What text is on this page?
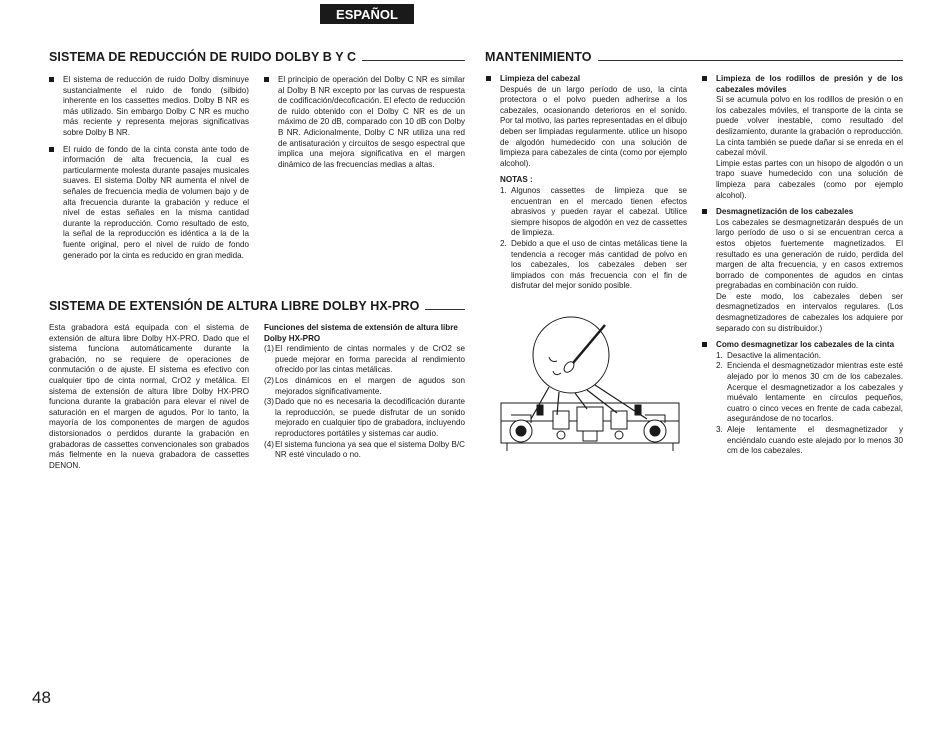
ESPAÑOL
SISTEMA DE REDUCCIÓN DE RUIDO DOLBY B Y C

El sistema de reducción de ruido Dolby disminuye sustancialmente el ruido de fondo (silbido) inherente en los cassettes medios. Dolby B NR es más utilizado. Sin embargo Dolby C NR es mucho más reciente y representa mejoras significativas sobre Dolby B NR.

El ruido de fondo de la cinta consta ante todo de información de alta frecuencia, la cual es particularmente molesta durante pasajes musicales suaves. El sistema Dolby NR aumenta el nivel de señales de frecuencia media de volumen bajo y de alta frecuencia durante la grabación y reduce el nivel de estas señales en la misma cantidad durante la reproducción. Como resultado de esto, la señal de la reproducción es idéntica a la de la fuente original, pero el nivel de ruido de fondo generado por la cinta es reducido en gran medida.

El principio de operación del Dolby C NR es similar al Dolby B NR excepto por las curvas de respuesta de codificación/decoficación. El efecto de reducción de ruido obtenido con el Dolby C NR es de un máximo de 20 dB, comparado con 10 dB con Dolby B NR. Adicionalmente, Dolby C NR utiliza una red de antisaturación y circuitos de sesgo espectral que implica una mejora significativa en el margen dinámico de las frecuencias medias a altas.

SISTEMA DE EXTENSIÓN DE ALTURA LIBRE DOLBY HX-PRO

Esta grabadora está equipada con el sistema de extensión de altura libre Dolby HX-PRO. Dado que el sistema funciona automáticamente durante la grabación, no se requiere de operaciones de conmutación o de ajuste. El sistema es efectivo con cualquier tipo de cinta normal, CrO2 y metálica. El sistema de extensión de altura libre Dolby HX-PRO funciona durante la grabación para elevar el nivel de saturación en el margen de agudos. Por lo tanto, la mayoría de los componentes de margen de agudos distorsionados o perdidos durante la grabación en grabadoras de cassettes convencionales son grabados más fielmente en la nueva grabadora de cassettes DENON.

Funciones del sistema de extensión de altura libre Dolby HX-PRO

(1) El rendimiento de cintas normales y de CrO2 se puede mejorar en forma parecida al rendimiento ofrecido por las cintas metálicas.
(2) Los dinámicos en el margen de agudos son mejorados significativamente.
(3) Dado que no es necesaria la decodificación durante la reproducción, se puede disfrutar de un sonido mejorado en cualquier tipo de grabadora, incluyendo reproductores portátiles y sistemas car audio.
(4) El sistema funciona ya sea que el sistema Dolby B/C NR esté vinculado o no.
MANTENIMIENTO
Limpieza del cabezal

Después de un largo período de uso, la cinta protectora o el polvo pueden adherirse a los cabezales, ocasionando deterioros en el sonido. Por tal motivo, las partes representadas en el dibujo deben ser limpiadas regularmente. utilice un hisopo de algodón humedecido con una solución de limpieza para cabezales de cinta (como por ejemplo alcohol).

NOTAS :

1. Algunos cassettes de limpieza que se encuentran en el mercado tienen efectos abrasivos y pueden rayar el cabezal. Utilice siempre hisopos de algodón en vez de cassettes de limpieza.
2. Debido a que el uso de cintas metálicas tiene la tendencia a recoger más cantidad de polvo en los cabezales, los cabezales deben ser limpiados con más frecuencia con el fin de disfrutar del mejor sonido posible.
Limpieza de los rodillos de presión y de los cabezales móviles

Si se acumula polvo en los rodillos de presión o en los cabezales móviles, el transporte de la cinta se puede volver inestable, como resultado del deslizamiento, durante la grabación o reproducción. La cinta también se puede dañar si se enreda en el cabezal móvil.

Limpie estas partes con un hisopo de algodón o un trapo suave humedecido con una solución de limpieza para cabezales (como por ejemplo alcohol).

Desmagnetización de los cabezales

Los cabezales se desmagnetizarán después de un largo período de uso o si se encuentran cerca a estos objetos fuertemente magnetizados. El resultado es una generación de ruido, perdida del margen de alta frecuencia, y en casos extremos borrado de componentes de agudos en cintas pregrabadas en combinación con ruido.

De este modo, los cabezales deben ser desmagnetizados en intervalos regulares. (Los desmagnetizadores de cabezales los adquiere por separado con su distribuidor.)

Como desmagnetizar los cabezales de la cinta
1. Desactive la alimentación.
2. Encienda el desmagnetizador mientras este esté alejado por lo menos 30 cm de los cabezales. Acerque el desmagnetizador a los cabezales y muévalo lentamente en círculos pequeños, cuatro o cinco veces en frente de cada cabezal, asegurándose de no tocarlos.
3. Aleje lentamente el desmagnetizador y enciéndalo cuando este alejado por lo menos 30 cm de los cabezales.
48
